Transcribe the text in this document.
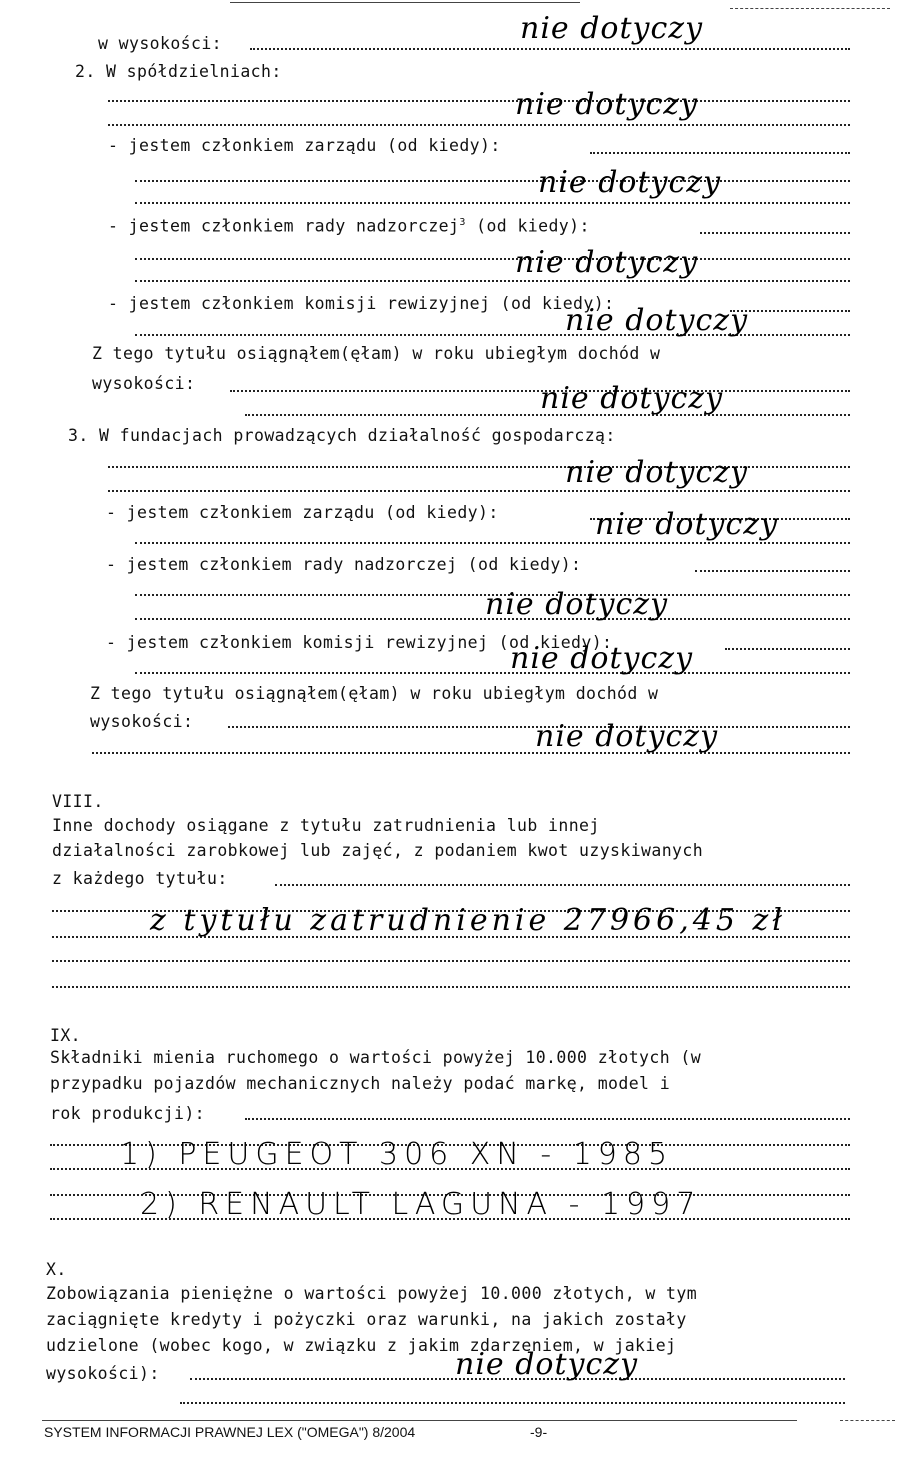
w wysokości:	nie dotyczy
2. W spółdzielniach:
nie dotyczy
- jestem członkiem zarządu (od kiedy):
nie dotyczy
- jestem członkiem rady nadzorczej$^3$ (od kiedy):
nie dotyczy
- jestem członkiem komisji rewizyjnej (od kiedy):
nie dotyczy
Z tego tytułu osiągnąłem(ęłam) w roku ubiegłym dochód w
wysokości:	nie dotyczy
3. W fundacjach prowadzących działalność gospodarczą:
nie dotyczy
- jestem członkiem zarządu (od kiedy):	nie dotyczy
- jestem członkiem rady nadzorczej (od kiedy):
nie dotyczy
- jestem członkiem komisji rewizyjnej (od kiedy):
nie dotyczy
Z tego tytułu osiągnąłem(ęłam) w roku ubiegłym dochód w
wysokości:	nie dotyczy
VIII.
Inne dochody osiągane z tytułu zatrudnienia lub innej
działalności zarobkowej lub zajęć, z podaniem kwot uzyskiwanych
z każdego tytułu:
z tytułu zatrudnienie 27966,45 zł
IX.
Składniki mienia ruchomego o wartości powyżej 10.000 złotych (w
przypadku pojazdów mechanicznych należy podać markę, model i
rok produkcji):
1) PEUGEOT 306 XN - 1985
2) RENAULT LAGUNA - 1997
X.
Zobowiązania pieniężne o wartości powyżej 10.000 złotych, w tym
zaciągnięte kredyty i pożyczki oraz warunki, na jakich zostały
udzielone (wobec kogo, w związku z jakim zdarzeniem, w jakiej
wysokości):	nie dotyczy
SYSTEM INFORMACJI PRAWNEJ LEX ("OMEGA") 8/2004	-9-
